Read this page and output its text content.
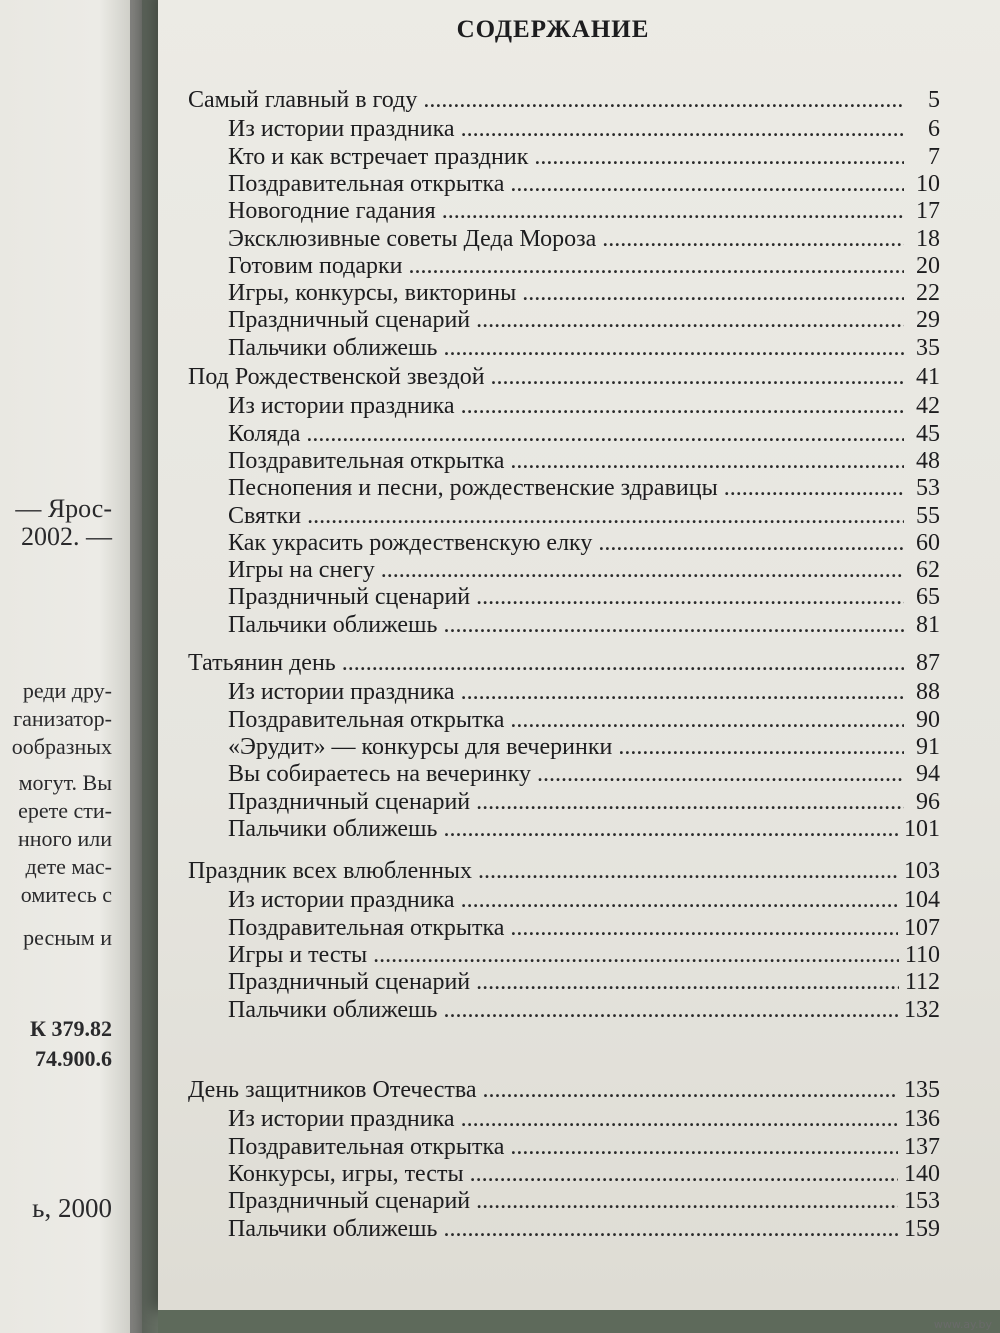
— Ярос-
2002. —
реди дру-
ганизатор-
ообразных
могут. Вы
ерете сти-
нного или
дете мас-
омитесь с
ресным и
К 379.82
74.900.6
ь, 2000
СОДЕРЖАНИЕ
Самый главный в году . . .	5
Из истории праздника . . .	6
Кто и как встречает праздник . . .	7
Поздравительная открытка . . .	10
Новогодние гадания . . .	17
Эксклюзивные советы Деда Мороза . . .	18
Готовим подарки . . .	20
Игры, конкурсы, викторины . . .	22
Праздничный сценарий . . .	29
Пальчики оближешь . . .	35
Под Рождественской звездой . . .	41
Из истории праздника . . .	42
Коляда . . .	45
Поздравительная открытка . . .	48
Песнопения и песни, рождественские здравицы . . .	53
Святки . . .	55
Как украсить рождественскую елку . . .	60
Игры на снегу . . .	62
Праздничный сценарий . . .	65
Пальчики оближешь . . .	81
Татьянин день . . .	87
Из истории праздника . . .	88
Поздравительная открытка . . .	90
«Эрудит» — конкурсы для вечеринки . . .	91
Вы собираетесь на вечеринку . . .	94
Праздничный сценарий . . .	96
Пальчики оближешь . . .	101
Праздник всех влюбленных . . .	103
Из истории праздника . . .	104
Поздравительная открытка . . .	107
Игры и тесты . . .	110
Праздничный сценарий . . .	112
Пальчики оближешь . . .	132
День защитников Отечества . . .	135
Из истории праздника . . .	136
Поздравительная открытка . . .	137
Конкурсы, игры, тесты . . .	140
Праздничный сценарий . . .	153
Пальчики оближешь . . .	159
www.ay.by
